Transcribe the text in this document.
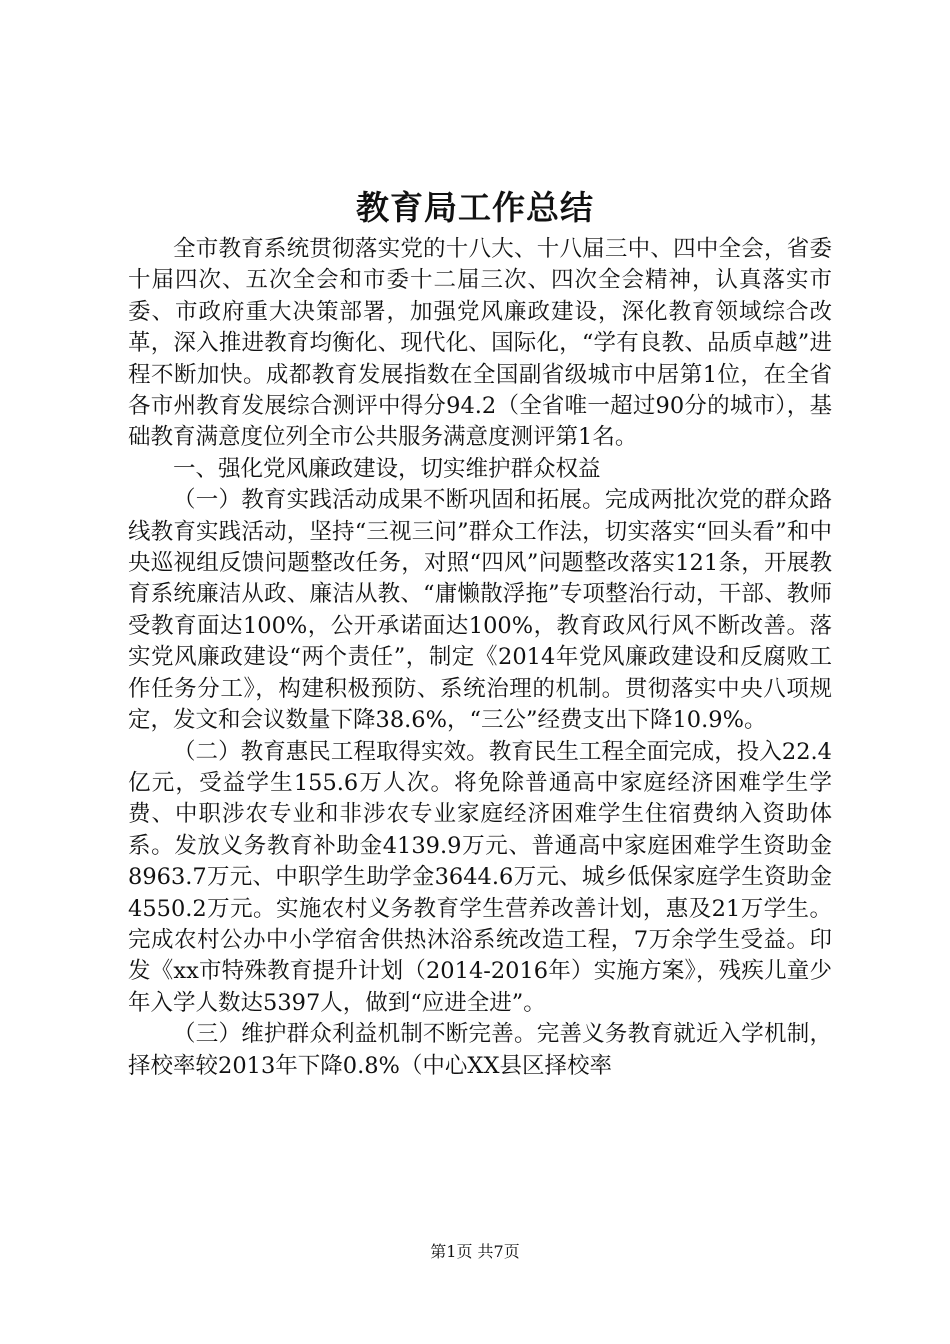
教育局工作总结

全市教育系统贯彻落实党的十八大、十八届三中、四中全会，省委十届四次、五次全会和市委十二届三次、四次全会精神，认真落实市委、市政府重大决策部署，加强党风廉政建设，深化教育领域综合改革，深入推进教育均衡化、现代化、国际化，“学有良教、品质卓越”进程不断加快。成都教育发展指数在全国副省级城市中居第1位，在全省各市州教育发展综合测评中得分94.2（全省唯一超过90分的城市），基础教育满意度位列全市公共服务满意度测评第1名。

一、强化党风廉政建设，切实维护群众权益

（一）教育实践活动成果不断巩固和拓展。完成两批次党的群众路线教育实践活动，坚持“三视三问”群众工作法，切实落实“回头看”和中央巡视组反馈问题整改任务，对照“四风”问题整改落实121条，开展教育系统廉洁从政、廉洁从教、“庸懒散浮拖”专项整治行动，干部、教师受教育面达100%，公开承诺面达100%，教育政风行风不断改善。落实党风廉政建设“两个责任”，制定《2014年党风廉政建设和反腐败工作任务分工》，构建积极预防、系统治理的机制。贯彻落实中央八项规定，发文和会议数量下降38.6%，“三公”经费支出下降10.9%。

（二）教育惠民工程取得实效。教育民生工程全面完成，投入22.4亿元，受益学生155.6万人次。将免除普通高中家庭经济困难学生学费、中职涉农专业和非涉农专业家庭经济困难学生住宿费纳入资助体系。发放义务教育补助金4139.9万元、普通高中家庭困难学生资助金8963.7万元、中职学生助学金3644.6万元、城乡低保家庭学生资助金4550.2万元。实施农村义务教育学生营养改善计划，惠及21万学生。完成农村公办中小学宿舍供热沐浴系统改造工程，7万余学生受益。印发《xx市特殊教育提升计划（2014-2016年）实施方案》，残疾儿童少年入学人数达5397人，做到“应进全进”。

（三）维护群众利益机制不断完善。完善义务教育就近入学机制，择校率较2013年下降0.8%（中心XX县区择校率

第1页 共7页
